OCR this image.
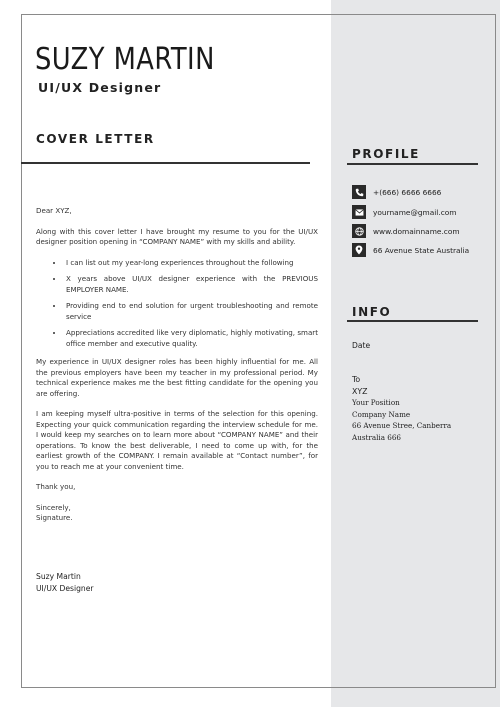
SUZY MARTIN
UI/UX Designer
COVER LETTER

Dear XYZ,

Along with this cover letter I have brought my resume to you for the UI/UX designer position opening in “COMPANY NAME” with my skills and ability.

• I can list out my year-long experiences throughout the following
• X years above UI/UX designer experience with the PREVIOUS EMPLOYER NAME.
• Providing end to end solution for urgent troubleshooting and remote service
• Appreciations accredited like very diplomatic, highly motivating, smart office member and executive quality.

My experience in UI/UX designer roles has been highly influential for me. All the previous employers have been my teacher in my professional period. My technical experience makes me the best fitting candidate for the opening you are offering.

I am keeping myself ultra-positive in terms of the selection for this opening. Expecting your quick communication regarding the interview schedule for me. I would keep my searches on to learn more about “COMPANY NAME” and their operations. To know the best deliverable, I need to come up with, for the earliest growth of the COMPANY. I remain available at “Contact number”, for you to reach me at your convenient time.

Thank you,

Sincerely,

Signature.

Suzy Martin
UI/UX Designer
PROFILE
+(666) 6666 6666
yourname@gmail.com
www.domainname.com
66 Avenue State Australia
INFO
Date
To
XYZ
Your Position
Company Name
66 Avenue Stree, Canberra
Australia 666
